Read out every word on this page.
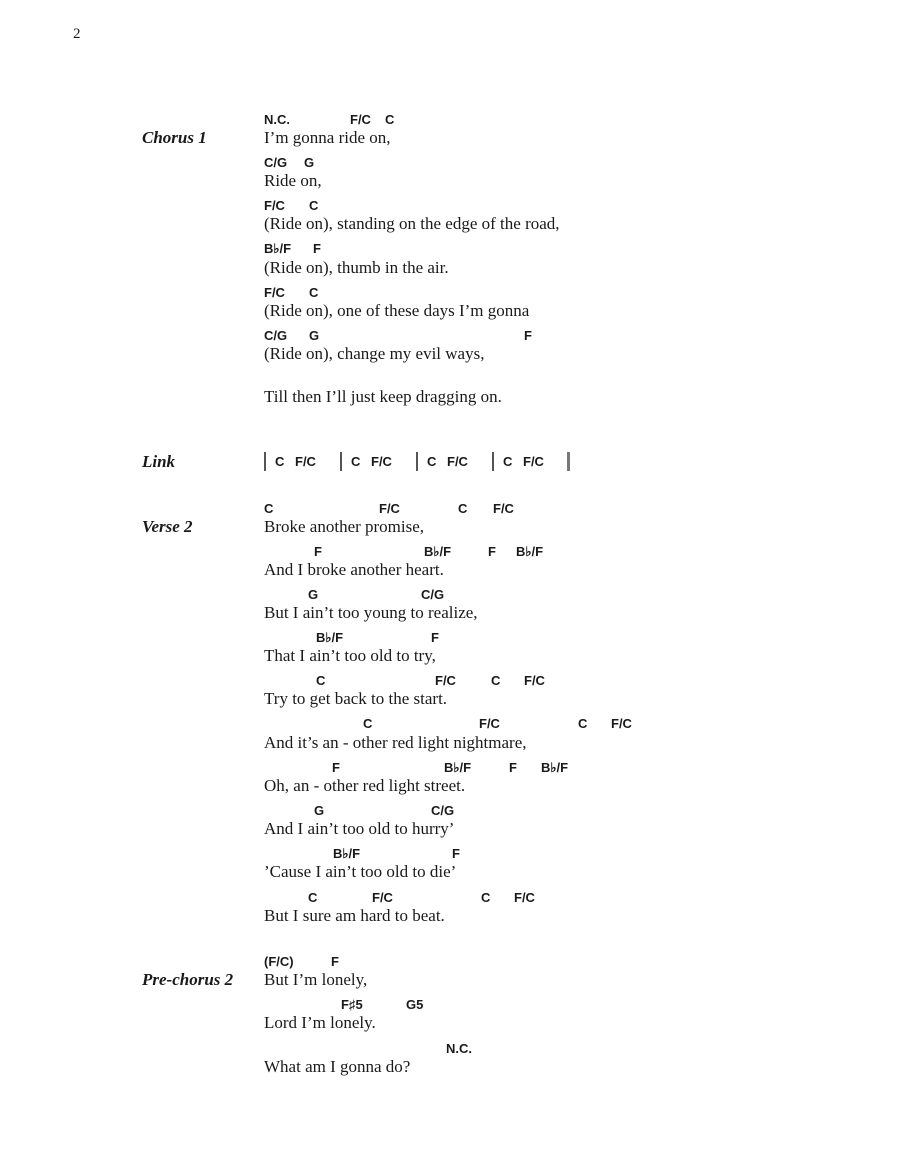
2
Chorus 1
N.C.	F/C C
I’m gonna ride on,
C/G G
Ride on,
F/C C
(Ride on), standing on the edge of the road,
B♭/F F
(Ride on), thumb in the air.
F/C C
(Ride on), one of these days I’m gonna
C/G G	F
(Ride on), change my evil ways,
Till then I’ll just keep dragging on.
Link	C F/C	C F/C	C F/C	C F/C
Verse 2
C	F/C	C F/C
Broke another promise,
F	B♭/F	F B♭/F
And I broke another heart.
G	C/G
But I ain’t too young to realize,
B♭/F	F
That I ain’t too old to try,
C	F/C	C F/C
Try to get back to the start.
C	F/C	C F/C
And it’s an - other red light nightmare,
F	B♭/F	F B♭/F
Oh, an - other red light street.
G	C/G
And I ain’t too old to hurry’
B♭/F	F
’Cause I ain’t too old to die’
C	F/C	C F/C
But I sure am hard to beat.
Pre-chorus 2
(F/C)	F
But I’m lonely,
F♯5	G5
Lord I’m lonely.
N.C.
What am I gonna do?
